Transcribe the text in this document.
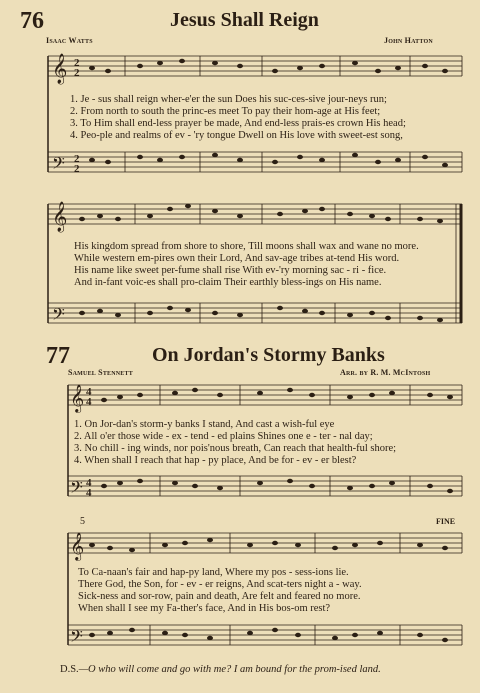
76	Jesus Shall Reign
Isaac Watts	John Hatton
𝄞
𝄢
2
2
2
2
1. Je - sus shall reign wher-e'er the sun Does his suc-ces-sive jour-neys run;
2. From north to south the princ-es meet To pay their hom-age at His feet;
3. To Him shall end-less prayer be made, And end-less prais-es crown His head;
4. Peo-ple and realms of ev - 'ry tongue Dwell on His love with sweet-est song,
𝄞
𝄢
His kingdom spread from shore to shore, Till moons shall wax and wane no more.
While western em-pires own their Lord, And sav-age tribes at-tend His word.
His name like sweet per-fume shall rise With ev-'ry morning sac - ri - fice.
And in-fant voic-es shall pro-claim Their earthly bless-ings on His name.
77	On Jordan's Stormy Banks
Samuel Stennett	Arr. by R. M. McIntosh
𝄞
𝄢
4
4
4
4
1. On Jor-dan's storm-y banks I stand, And cast a wish-ful eye
2. All o'er those wide - ex - tend - ed plains Shines one e - ter - nal day;
3. No chill - ing winds, nor pois'nous breath, Can reach that health-ful shore;
4. When shall I reach that hap - py place, And be for - ev - er blest?
5	FINE
𝄞
𝄢
To Ca-naan's fair and hap-py land, Where my pos - sess-ions lie.
There God, the Son, for - ev - er reigns, And scat-ters night a - way.
Sick-ness and sor-row, pain and death, Are felt and feared no more.
When shall I see my Fa-ther's face, And in His bos-om rest?
D.S.—O who will come and go with me? I am bound for the prom-ised land.
